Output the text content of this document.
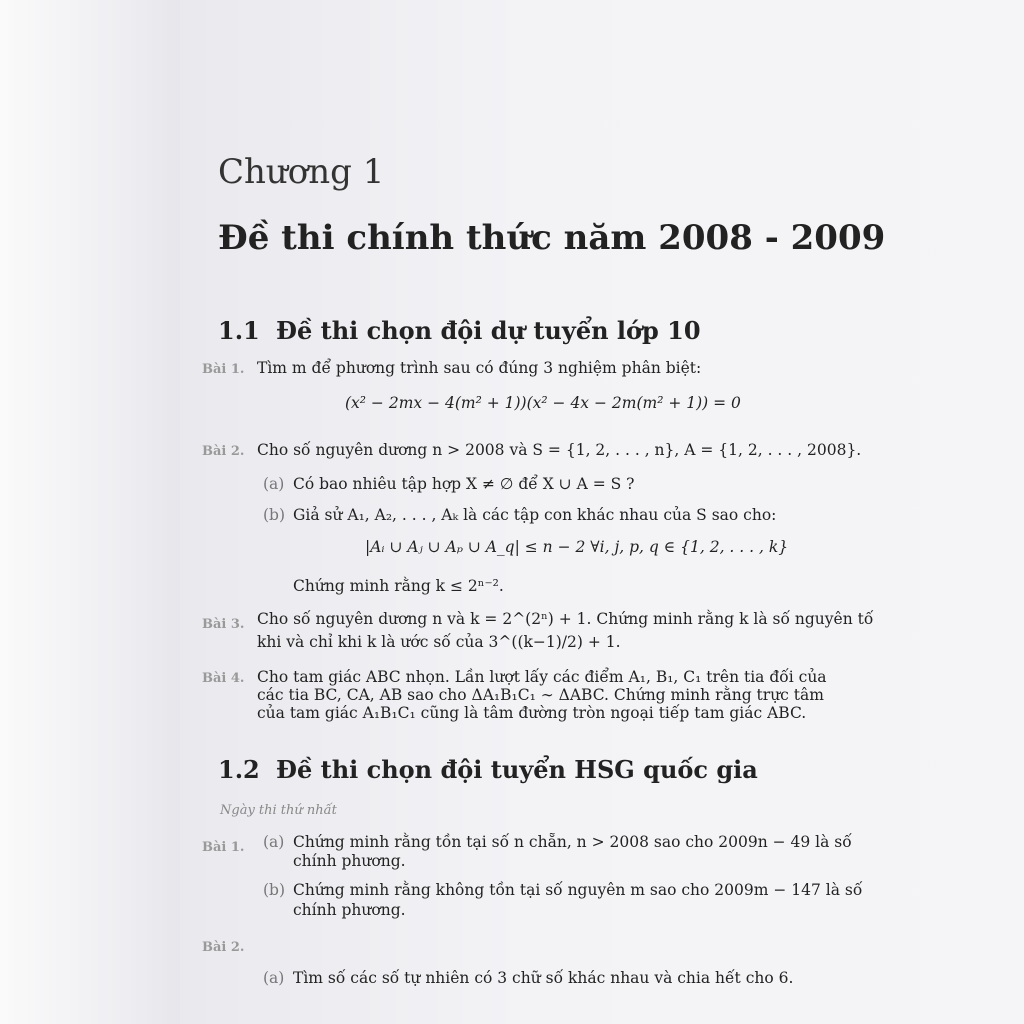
Chương 1
Đề thi chính thức năm 2008 - 2009
1.1 Đề thi chọn đội dự tuyển lớp 10
Bài 1. Tìm m để phương trình sau có đúng 3 nghiệm phân biệt:
(x² − 2mx − 4(m² + 1))(x² − 4x − 2m(m² + 1)) = 0
Bài 2. Cho số nguyên dương n > 2008 và S = {1, 2, . . . , n}, A = {1, 2, . . . , 2008}.
(a) Có bao nhiêu tập hợp X ≠ ∅ để X ∪ A = S ?
(b) Giả sử A₁, A₂, . . . , Aₖ là các tập con khác nhau của S sao cho:
|Aᵢ ∪ Aⱼ ∪ Aₚ ∪ A_q| ≤ n − 2 ∀i, j, p, q ∈ {1, 2, . . . , k}
Chứng minh rằng k ≤ 2ⁿ⁻².
Bài 3. Cho số nguyên dương n và k = 2^(2ⁿ) + 1. Chứng minh rằng k là số nguyên tố
khi và chỉ khi k là ước số của 3^((k−1)/2) + 1.
Bài 4. Cho tam giác ABC nhọn. Lần lượt lấy các điểm A₁, B₁, C₁ trên tia đối của
các tia BC, CA, AB sao cho ΔA₁B₁C₁ ∼ ΔABC. Chứng minh rằng trực tâm
của tam giác A₁B₁C₁ cũng là tâm đường tròn ngoại tiếp tam giác ABC.
1.2 Đề thi chọn đội tuyển HSG quốc gia
Ngày thi thứ nhất
Bài 1. (a) Chứng minh rằng tồn tại số n chẵn, n > 2008 sao cho 2009n − 49 là số
chính phương.
(b) Chứng minh rằng không tồn tại số nguyên m sao cho 2009m − 147 là số
chính phương.
Bài 2.
(a) Tìm số các số tự nhiên có 3 chữ số khác nhau và chia hết cho 6.
